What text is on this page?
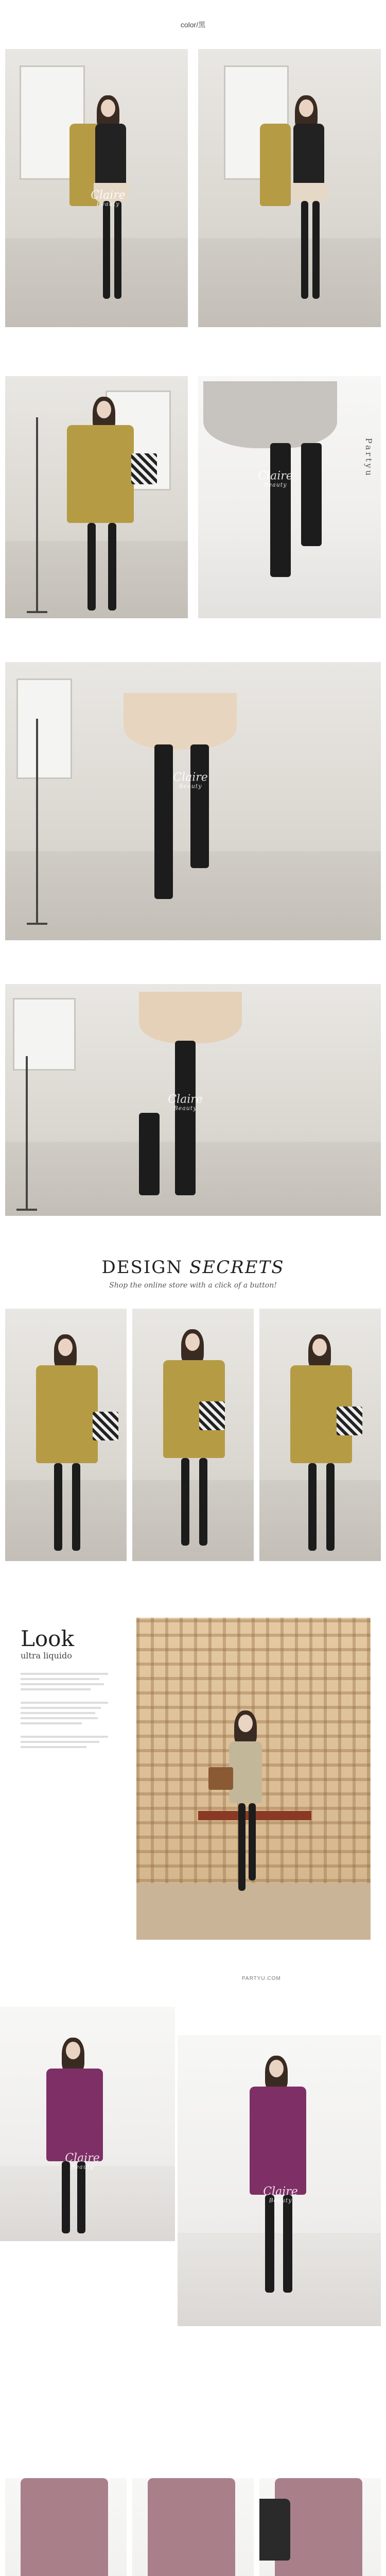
color/黑
Claire
Beauty
Partyu
Claire
Beauty
Claire
Beauty
Claire
Beauty
DESIGN SECRETS
Shop the online store with a click of a button!
Look
ultra liquido
PARTYU.COM
Claire
Beauty
Claire
Beauty
